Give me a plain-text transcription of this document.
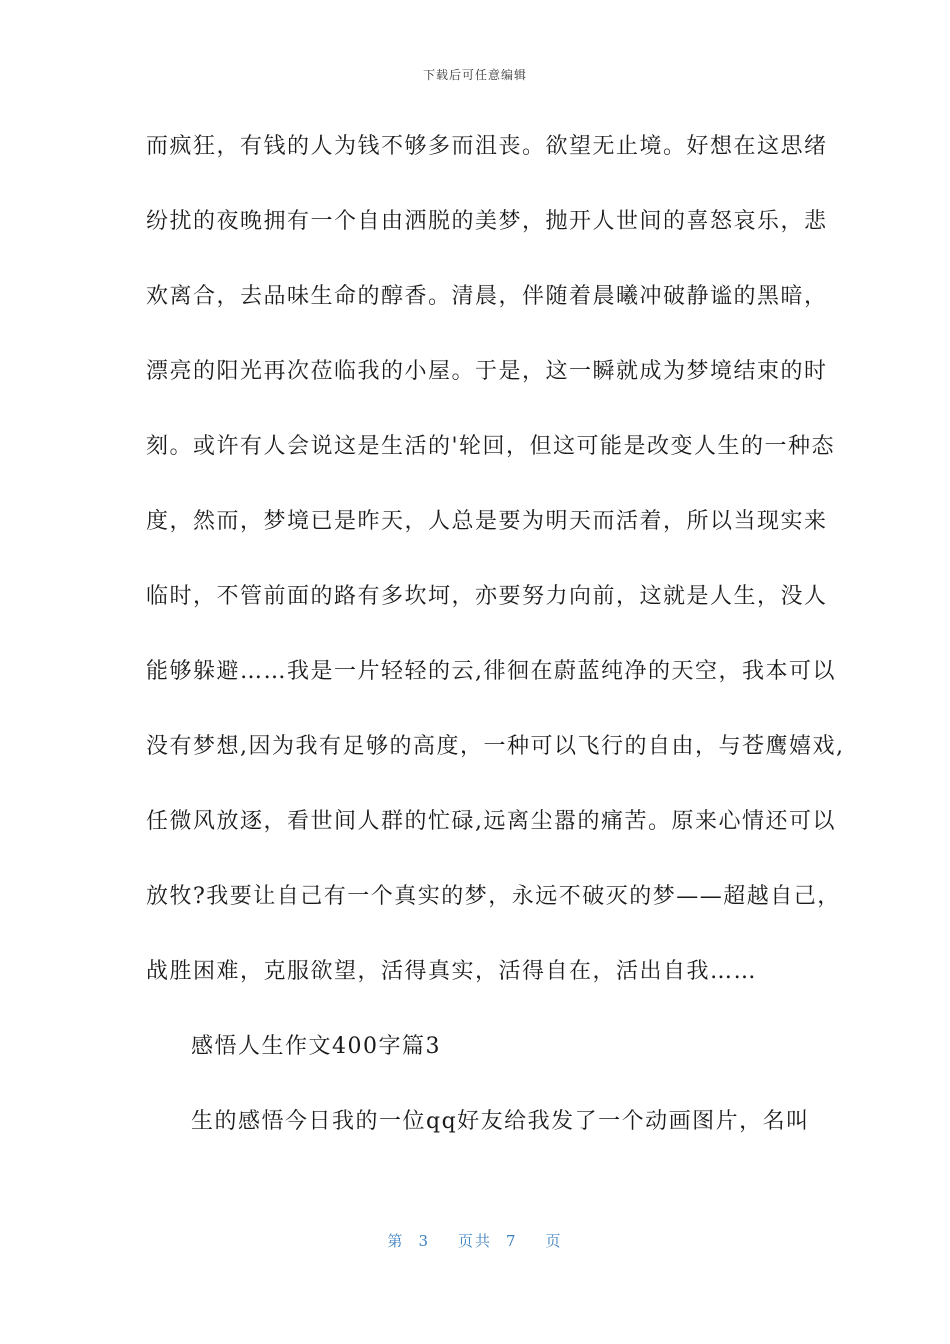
下载后可任意编辑
而疯狂，有钱的人为钱不够多而沮丧。欲望无止境。好想在这思绪
纷扰的夜晚拥有一个自由洒脱的美梦，抛开人世间的喜怒哀乐，悲
欢离合，去品味生命的醇香。清晨，伴随着晨曦冲破静谧的黑暗，
漂亮的阳光再次莅临我的小屋。于是，这一瞬就成为梦境结束的时
刻。或许有人会说这是生活的'轮回，但这可能是改变人生的一种态
度，然而，梦境已是昨天，人总是要为明天而活着，所以当现实来
临时，不管前面的路有多坎坷，亦要努力向前，这就是人生，没人
能够躲避……我是一片轻轻的云,徘徊在蔚蓝纯净的天空，我本可以
没有梦想,因为我有足够的高度，一种可以飞行的自由，与苍鹰嬉戏,
任微风放逐，看世间人群的忙碌,远离尘嚣的痛苦。原来心情还可以
放牧?我要让自己有一个真实的梦，永远不破灭的梦——超越自己，
战胜困难，克服欲望，活得真实，活得自在，活出自我……
感悟人生作文400字篇3
生的感悟今日我的一位qq好友给我发了一个动画图片，名叫
第 3 页共 7 页
